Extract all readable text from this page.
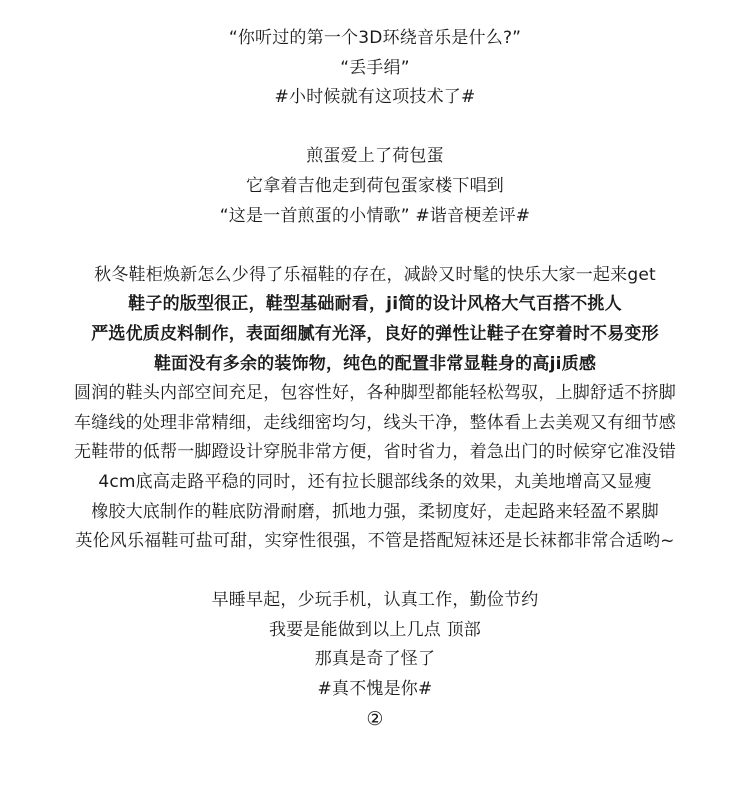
“你听过的第一个3D环绕音乐是什么?”
“丢手绢”
#小时候就有这项技术了#
煎蛋爱上了荷包蛋
它拿着吉他走到荷包蛋家楼下唱到
“这是一首煎蛋的小情歌” #谐音梗差评#
秋冬鞋柜焕新怎么少得了乐福鞋的存在，减龄又时髦的快乐大家一起来get
鞋子的版型很正，鞋型基础耐看，ji简的设计风格大气百搭不挑人
严选优质皮料制作，表面细腻有光泽，良好的弹性让鞋子在穿着时不易变形
鞋面没有多余的装饰物，纯色的配置非常显鞋身的高ji质感
圆润的鞋头内部空间充足，包容性好，各种脚型都能轻松驾驭，上脚舒适不挤脚
车缝线的处理非常精细，走线细密均匀，线头干净，整体看上去美观又有细节感
无鞋带的低帮一脚蹬设计穿脱非常方便，省时省力，着急出门的时候穿它准没错
4cm底高走路平稳的同时，还有拉长腿部线条的效果，丸美地增高又显瘦
橡胶大底制作的鞋底防滑耐磨，抓地力强，柔韧度好，走起路来轻盈不累脚
英伦风乐福鞋可盐可甜，实穿性很强，不管是搭配短袜还是长袜都非常合适哟~
早睡早起，少玩手机，认真工作，勤俭节约
我要是能做到以上几点 顶部
那真是奇了怪了
#真不愧是你#
②
